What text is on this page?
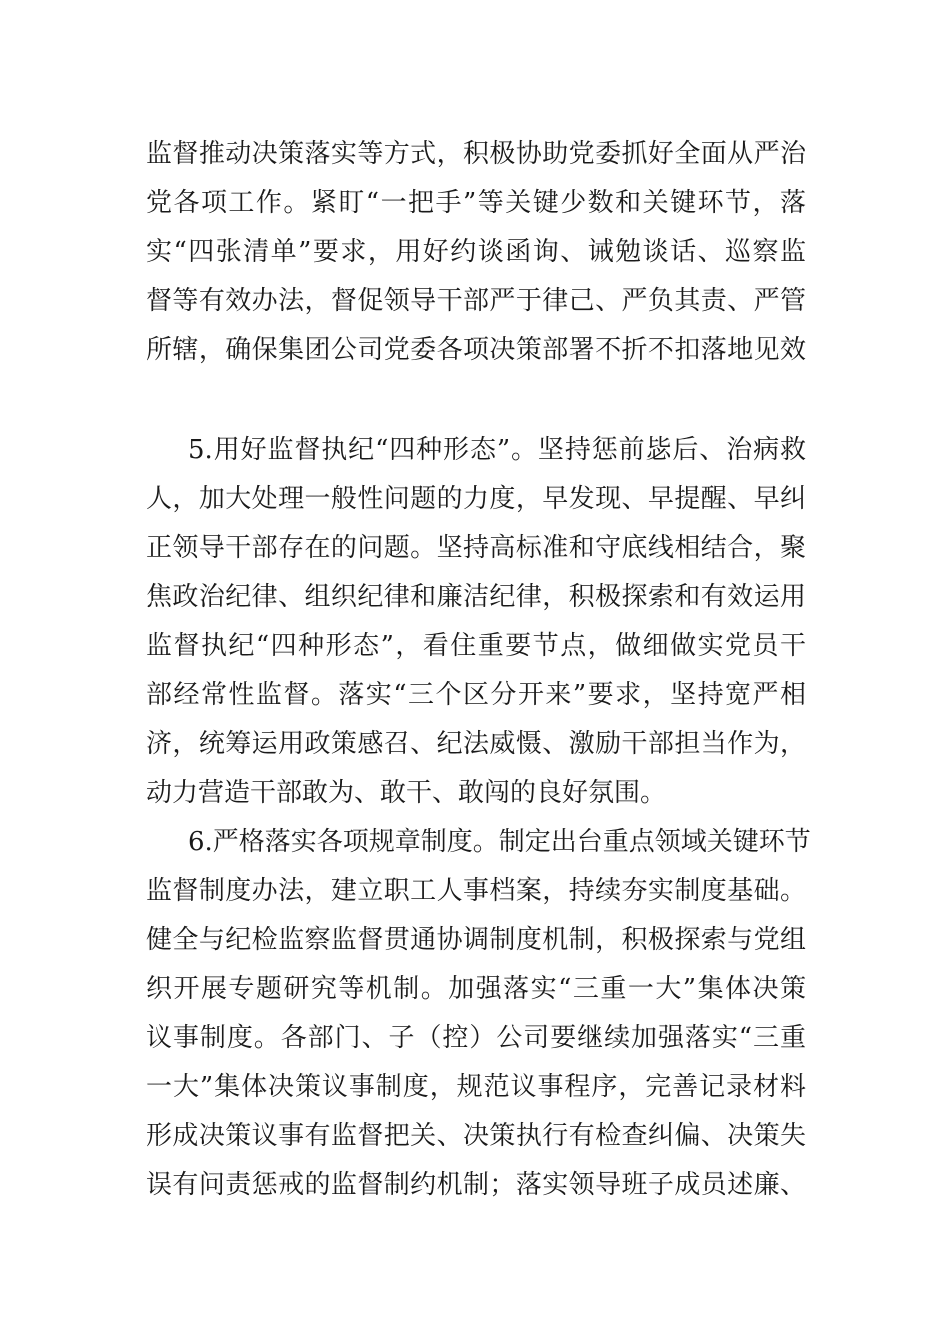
监督推动决策落实等方式，积极协助党委抓好全面从严治
党各项工作。紧盯“一把手”等关键少数和关键环节，落
实“四张清单”要求，用好约谈函询、诫勉谈话、巡察监
督等有效办法，督促领导干部严于律己、严负其责、严管
所辖，确保集团公司党委各项决策部署不折不扣落地见效
5.用好监督执纪“四种形态”。坚持惩前毖后、治病救
人，加大处理一般性问题的力度，早发现、早提醒、早纠
正领导干部存在的问题。坚持高标准和守底线相结合，聚
焦政治纪律、组织纪律和廉洁纪律，积极探索和有效运用
监督执纪“四种形态”，看住重要节点，做细做实党员干
部经常性监督。落实“三个区分开来”要求，坚持宽严相
济，统筹运用政策感召、纪法威慑、激励干部担当作为，
动力营造干部敢为、敢干、敢闯的良好氛围。
6.严格落实各项规章制度。制定出台重点领域关键环节
监督制度办法，建立职工人事档案，持续夯实制度基础。
健全与纪检监察监督贯通协调制度机制，积极探索与党组
织开展专题研究等机制。加强落实“三重一大”集体决策
议事制度。各部门、子（控）公司要继续加强落实“三重
一大”集体决策议事制度，规范议事程序，完善记录材料
形成决策议事有监督把关、决策执行有检查纠偏、决策失
误有问责惩戒的监督制约机制；落实领导班子成员述廉、
